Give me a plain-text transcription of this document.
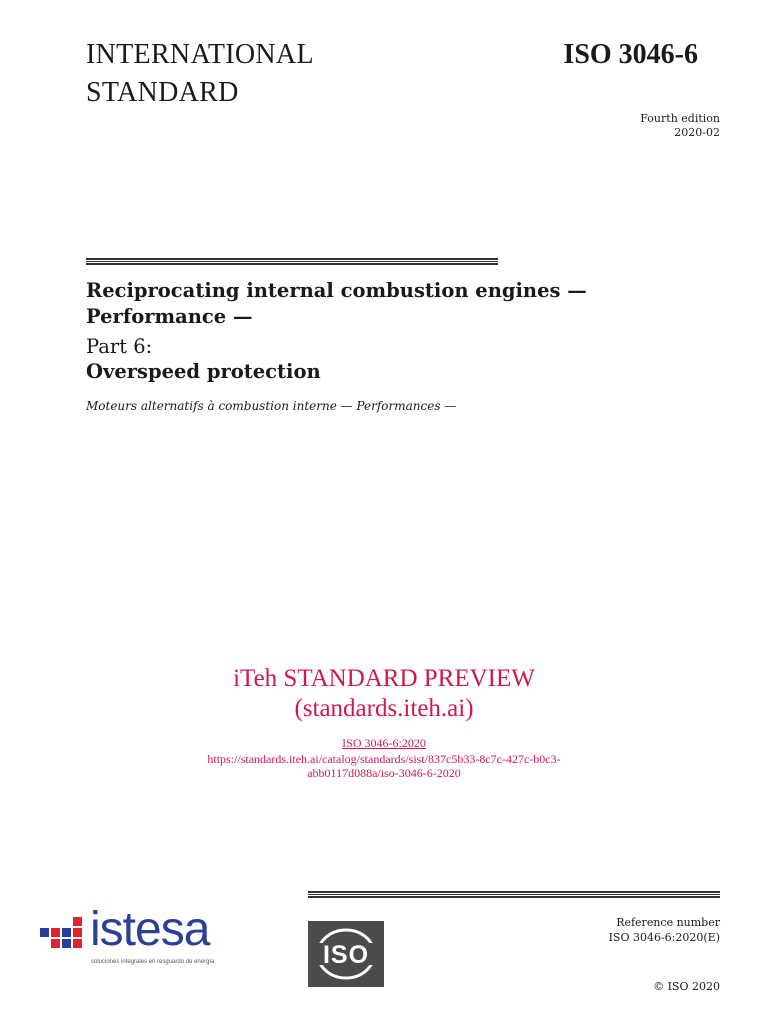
INTERNATIONAL
STANDARD
ISO 3046-6
Fourth edition
2020-02
Reciprocating internal combustion engines — Performance —
Part 6:
Overspeed protection
Moteurs alternatifs à combustion interne — Performances —
iTeh STANDARD PREVIEW
(standards.iteh.ai)
ISO 3046-6:2020
https://standards.iteh.ai/catalog/standards/sist/837c5b33-8c7c-427c-b0c3-
abb0117d088a/iso-3046-6-2020
istesa
soluciones integrales en resguardo de energía	ISO
Reference number
ISO 3046-6:2020(E)
© ISO 2020
